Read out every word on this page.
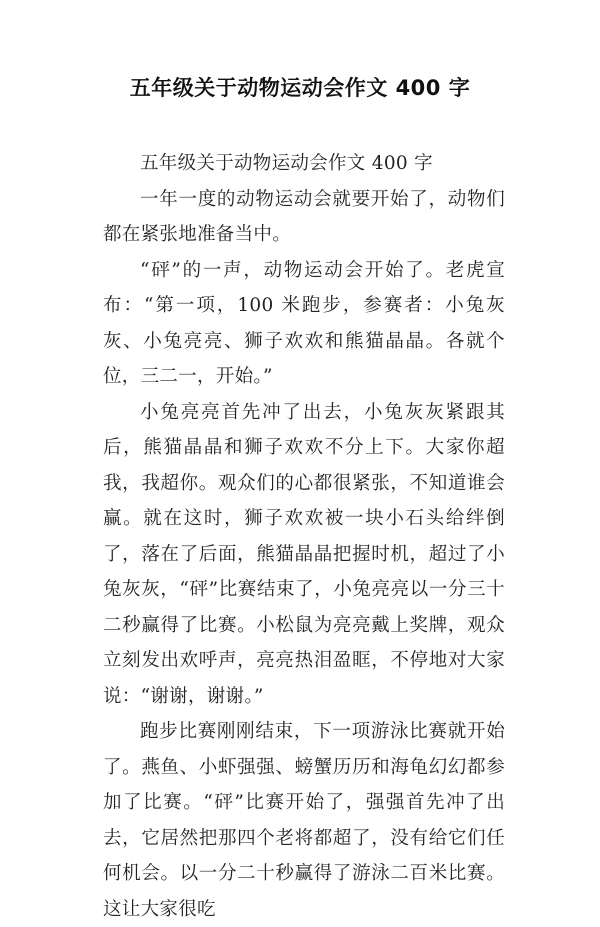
五年级关于动物运动会作文 400 字

五年级关于动物运动会作文 400 字

一年一度的动物运动会就要开始了，动物们都在紧张地准备当中。

“砰”的一声，动物运动会开始了。老虎宣布：“第一项，100 米跑步，参赛者：小兔灰灰、小兔亮亮、狮子欢欢和熊猫晶晶。各就个位，三二一，开始。”

小兔亮亮首先冲了出去，小兔灰灰紧跟其后，熊猫晶晶和狮子欢欢不分上下。大家你超我，我超你。观众们的心都很紧张，不知道谁会赢。就在这时，狮子欢欢被一块小石头给绊倒了，落在了后面，熊猫晶晶把握时机，超过了小兔灰灰，“砰”比赛结束了，小兔亮亮以一分三十二秒赢得了比赛。小松鼠为亮亮戴上奖牌，观众立刻发出欢呼声，亮亮热泪盈眶，不停地对大家说：“谢谢，谢谢。”

跑步比赛刚刚结束，下一项游泳比赛就开始了。燕鱼、小虾强强、螃蟹历历和海龟幻幻都参加了比赛。“砰”比赛开始了，强强首先冲了出去，它居然把那四个老将都超了，没有给它们任何机会。以一分二十秒赢得了游泳二百米比赛。这让大家很吃
